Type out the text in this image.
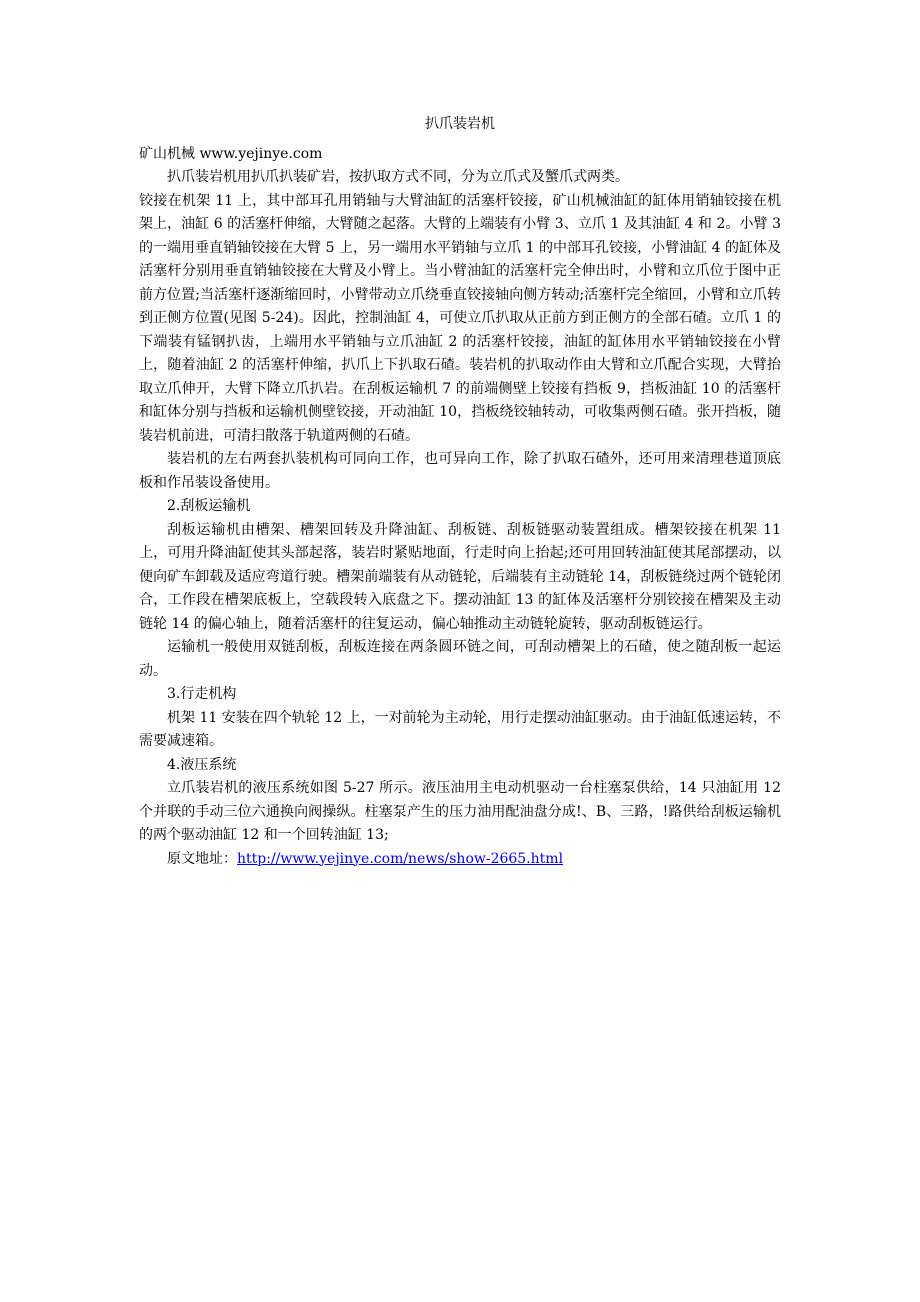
扒爪装岩机

矿山机械 www.yejinye.com

扒爪装岩机用扒爪扒装矿岩，按扒取方式不同，分为立爪式及蟹爪式两类。

铰接在机架 11 上，其中部耳孔用销轴与大臂油缸的活塞杆铰接，矿山机械油缸的缸体用销轴铰接在机架上，油缸 6 的活塞杆伸缩，大臂随之起落。大臂的上端装有小臂 3、立爪 1 及其油缸 4 和 2。小臂 3 的一端用垂直销轴铰接在大臂 5 上，另一端用水平销轴与立爪 1 的中部耳孔铰接，小臂油缸 4 的缸体及活塞杆分别用垂直销轴铰接在大臂及小臂上。当小臂油缸的活塞杆完全伸出时，小臂和立爪位于图中正前方位置;当活塞杆逐渐缩回时，小臂带动立爪绕垂直铰接轴向侧方转动;活塞杆完全缩回，小臂和立爪转到正侧方位置(见图 5-24)。因此，控制油缸 4，可使立爪扒取从正前方到正侧方的全部石碴。立爪 1 的下端装有锰钢扒齿，上端用水平销轴与立爪油缸 2 的活塞杆铰接，油缸的缸体用水平销轴铰接在小臂上，随着油缸 2 的活塞杆伸缩，扒爪上下扒取石碴。装岩机的扒取动作由大臂和立爪配合实现，大臂抬取立爪伸开，大臂下降立爪扒岩。在刮板运输机 7 的前端侧壁上铰接有挡板 9，挡板油缸 10 的活塞杆和缸体分别与挡板和运输机侧壁铰接，开动油缸 10，挡板绕铰轴转动，可收集两侧石碴。张开挡板，随装岩机前进，可清扫散落于轨道两侧的石碴。

装岩机的左右两套扒装机构可同向工作，也可异向工作，除了扒取石碴外，还可用来清理巷道顶底板和作吊装设备使用。

2.刮板运输机

刮板运输机由槽架、槽架回转及升降油缸、刮板链、刮板链驱动装置组成。槽架铰接在机架 11 上，可用升降油缸使其头部起落，装岩时紧贴地面，行走时向上抬起;还可用回转油缸使其尾部摆动，以便向矿车卸载及适应弯道行驶。槽架前端装有从动链轮，后端装有主动链轮 14，刮板链绕过两个链轮闭合，工作段在槽架底板上，空载段转入底盘之下。摆动油缸 13 的缸体及活塞杆分别铰接在槽架及主动链轮 14 的偏心轴上，随着活塞杆的往复运动，偏心轴推动主动链轮旋转，驱动刮板链运行。

运输机一般使用双链刮板，刮板连接在两条圆环链之间，可刮动槽架上的石碴，使之随刮板一起运动。

3.行走机构

机架 11 安装在四个轨轮 12 上，一对前轮为主动轮，用行走摆动油缸驱动。由于油缸低速运转，不需要减速箱。

4.液压系统

立爪装岩机的液压系统如图 5-27 所示。液压油用主电动机驱动一台柱塞泵供给，14 只油缸用 12 个并联的手动三位六通换向阀操纵。柱塞泵产生的压力油用配油盘分成!、B、三路，!路供给刮板运输机的两个驱动油缸 12 和一个回转油缸 13;

原文地址：http://www.yejinye.com/news/show-2665.html
